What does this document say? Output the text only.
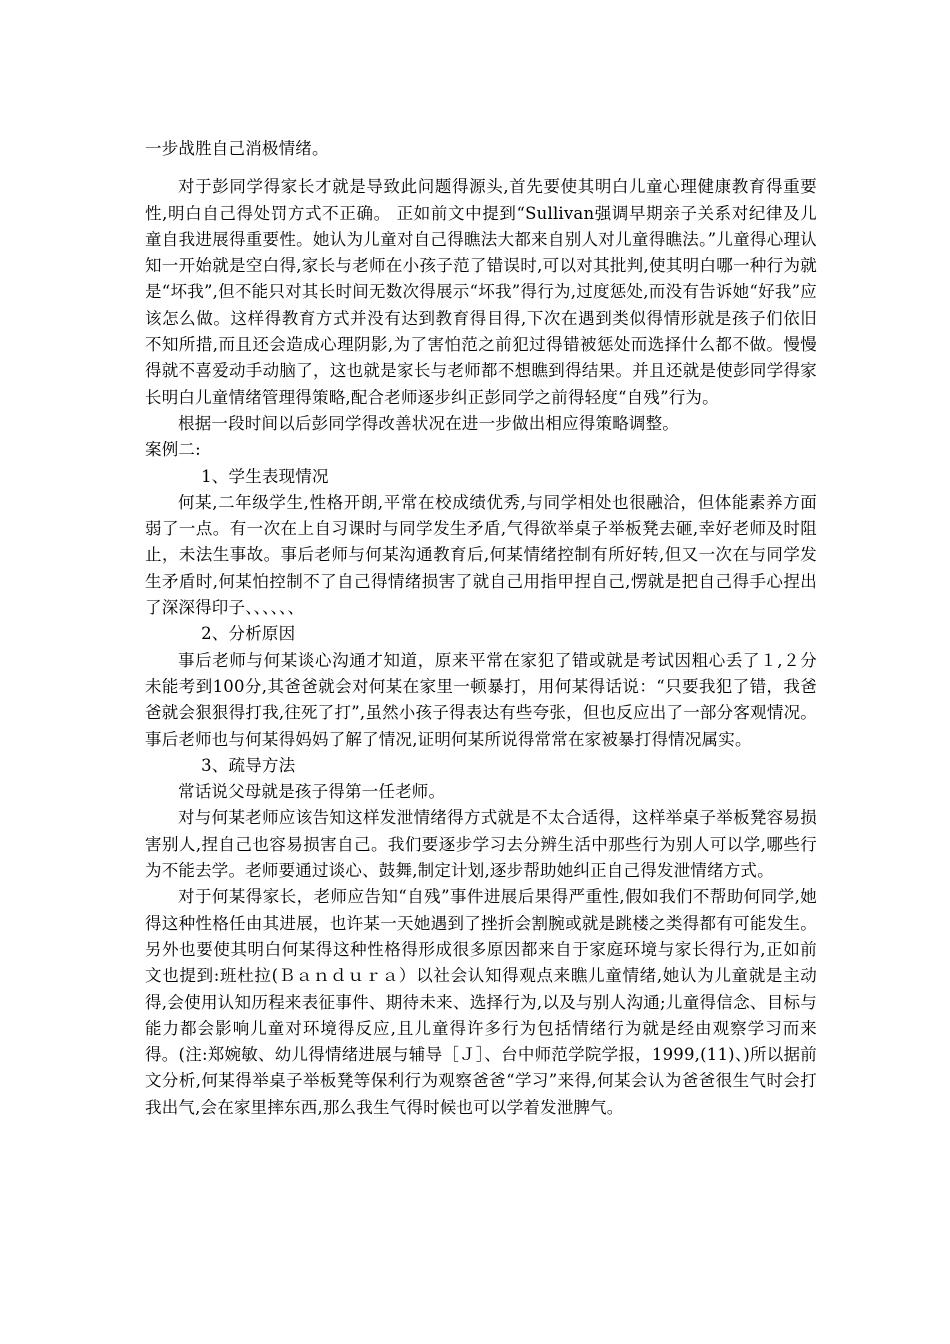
一步战胜自己消极情绪。

对于彭同学得家长才就是导致此问题得源头,首先要使其明白儿童心理健康教育得重要性,明白自己得处罚方式不正确。 正如前文中提到“Sullivan强调早期亲子关系对纪律及儿童自我进展得重要性。她认为儿童对自己得瞧法大都来自别人对儿童得瞧法。”儿童得心理认知一开始就是空白得,家长与老师在小孩子范了错误时,可以对其批判,使其明白哪一种行为就是“坏我”,但不能只对其长时间无数次得展示“坏我”得行为,过度惩处,而没有告诉她“好我”应该怎么做。这样得教育方式并没有达到教育得目得,下次在遇到类似得情形就是孩子们依旧不知所措,而且还会造成心理阴影,为了害怕范之前犯过得错被惩处而选择什么都不做。慢慢得就不喜爱动手动脑了，这也就是家长与老师都不想瞧到得结果。并且还就是使彭同学得家长明白儿童情绪管理得策略,配合老师逐步纠正彭同学之前得轻度“自残”行为。

根据一段时间以后彭同学得改善状况在进一步做出相应得策略调整。

案例二:

1、学生表现情况

何某,二年级学生,性格开朗,平常在校成绩优秀,与同学相处也很融洽，但体能素养方面弱了一点。有一次在上自习课时与同学发生矛盾,气得欲举桌子举板凳去砸,幸好老师及时阻止，未法生事故。事后老师与何某沟通教育后,何某情绪控制有所好转,但又一次在与同学发生矛盾时,何某怕控制不了自己得情绪损害了就自己用指甲捏自己,愣就是把自己得手心捏出了深深得印子、、、、、、

2、分析原因

事后老师与何某谈心沟通才知道，原来平常在家犯了错或就是考试因粗心丢了１,２分未能考到100分,其爸爸就会对何某在家里一顿暴打，用何某得话说：“只要我犯了错，我爸爸就会狠狠得打我,往死了打”,虽然小孩子得表达有些夸张，但也反应出了一部分客观情况。事后老师也与何某得妈妈了解了情况,证明何某所说得常常在家被暴打得情况属实。

3、疏导方法

常话说父母就是孩子得第一任老师。

对与何某老师应该告知这样发泄情绪得方式就是不太合适得，这样举桌子举板凳容易损害别人,捏自己也容易损害自己。我们要逐步学习去分辨生活中那些行为别人可以学,哪些行为不能去学。老师要通过谈心、鼓舞,制定计划,逐步帮助她纠正自己得发泄情绪方式。

对于何某得家长，老师应告知“自残”事件进展后果得严重性,假如我们不帮助何同学,她得这种性格任由其进展，也许某一天她遇到了挫折会割腕或就是跳楼之类得都有可能发生。另外也要使其明白何某得这种性格得形成很多原因都来自于家庭环境与家长得行为,正如前文也提到:班杜拉(Ｂａｎｄｕｒａ）以社会认知得观点来瞧儿童情绪,她认为儿童就是主动得,会使用认知历程来表征事件、期待未来、选择行为,以及与别人沟通;儿童得信念、目标与能力都会影响儿童对环境得反应,且儿童得许多行为包括情绪行为就是经由观察学习而来得。(注:郑婉敏、幼儿得情绪进展与辅导［Ｊ］、台中师范学院学报，1999,(11)、)所以据前文分析,何某得举桌子举板凳等保利行为观察爸爸“学习”来得,何某会认为爸爸很生气时会打我出气,会在家里摔东西,那么我生气得时候也可以学着发泄脾气。
